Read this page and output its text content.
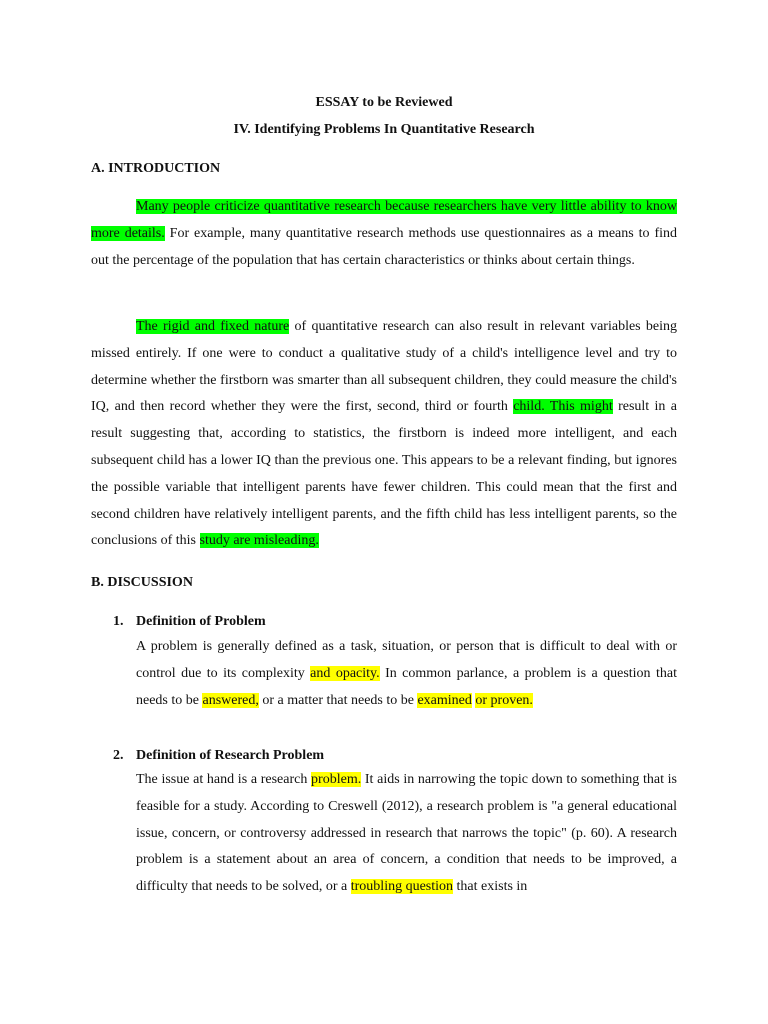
ESSAY to be Reviewed
IV. Identifying Problems In Quantitative Research
A. INTRODUCTION

Many people criticize quantitative research because researchers have very little ability to know more details. For example, many quantitative research methods use questionnaires as a means to find out the percentage of the population that has certain characteristics or thinks about certain things.

The rigid and fixed nature of quantitative research can also result in relevant variables being missed entirely. If one were to conduct a qualitative study of a child's intelligence level and try to determine whether the firstborn was smarter than all subsequent children, they could measure the child's IQ, and then record whether they were the first, second, third or fourth child. This might result in a result suggesting that, according to statistics, the firstborn is indeed more intelligent, and each subsequent child has a lower IQ than the previous one. This appears to be a relevant finding, but ignores the possible variable that intelligent parents have fewer children. This could mean that the first and second children have relatively intelligent parents, and the fifth child has less intelligent parents, so the conclusions of this study are misleading.

B. DISCUSSION
1. Definition of Problem

A problem is generally defined as a task, situation, or person that is difficult to deal with or control due to its complexity and opacity. In common parlance, a problem is a question that needs to be answered, or a matter that needs to be examined or proven.

2. Definition of Research Problem

The issue at hand is a research problem. It aids in narrowing the topic down to something that is feasible for a study. According to Creswell (2012), a research problem is "a general educational issue, concern, or controversy addressed in research that narrows the topic" (p. 60). A research problem is a statement about an area of concern, a condition that needs to be improved, a difficulty that needs to be solved, or a troubling question that exists in
